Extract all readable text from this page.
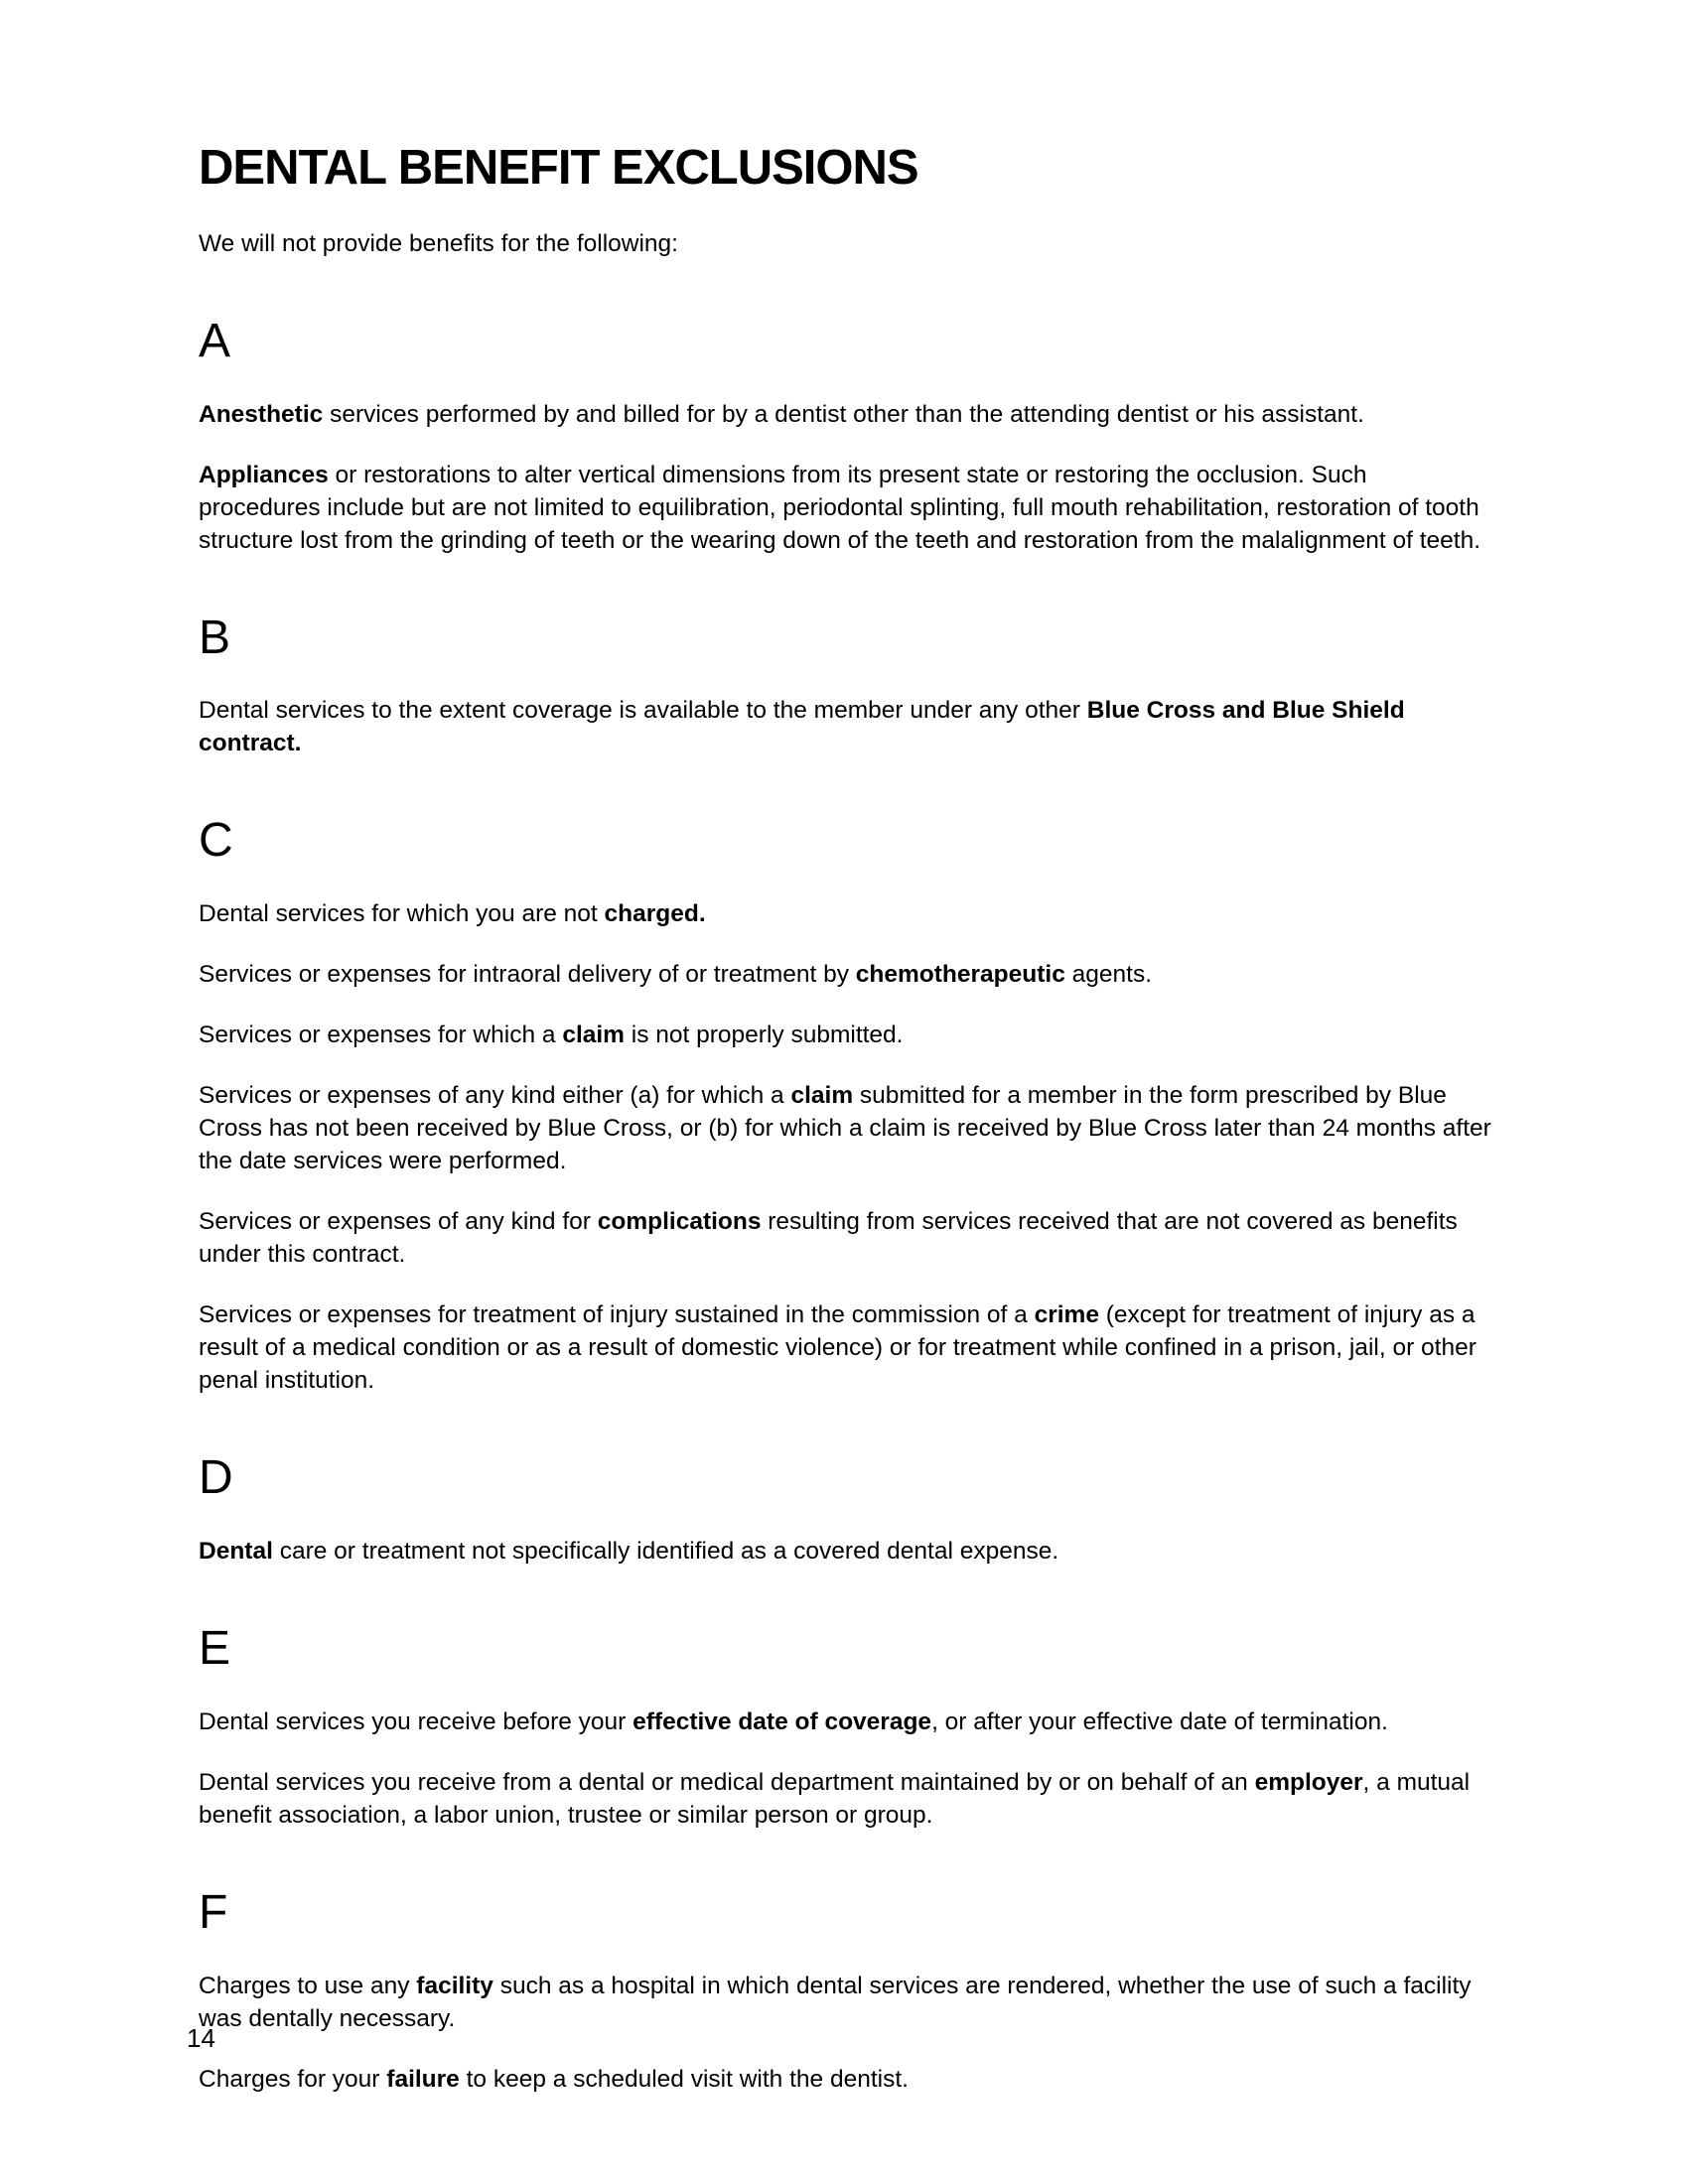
DENTAL BENEFIT EXCLUSIONS

We will not provide benefits for the following:

A

Anesthetic services performed by and billed for by a dentist other than the attending dentist or his assistant.

Appliances or restorations to alter vertical dimensions from its present state or restoring the occlusion. Such procedures include but are not limited to equilibration, periodontal splinting, full mouth rehabilitation, restoration of tooth structure lost from the grinding of teeth or the wearing down of the teeth and restoration from the malalignment of teeth.

B

Dental services to the extent coverage is available to the member under any other Blue Cross and Blue Shield contract.

C

Dental services for which you are not charged.

Services or expenses for intraoral delivery of or treatment by chemotherapeutic agents.

Services or expenses for which a claim is not properly submitted.

Services or expenses of any kind either (a) for which a claim submitted for a member in the form prescribed by Blue Cross has not been received by Blue Cross, or (b) for which a claim is received by Blue Cross later than 24 months after the date services were performed.

Services or expenses of any kind for complications resulting from services received that are not covered as benefits under this contract.

Services or expenses for treatment of injury sustained in the commission of a crime (except for treatment of injury as a result of a medical condition or as a result of domestic violence) or for treatment while confined in a prison, jail, or other penal institution.

D

Dental care or treatment not specifically identified as a covered dental expense.

E

Dental services you receive before your effective date of coverage, or after your effective date of termination.

Dental services you receive from a dental or medical department maintained by or on behalf of an employer, a mutual benefit association, a labor union, trustee or similar person or group.

F

Charges to use any facility such as a hospital in which dental services are rendered, whether the use of such a facility was dentally necessary.

Charges for your failure to keep a scheduled visit with the dentist.

14
